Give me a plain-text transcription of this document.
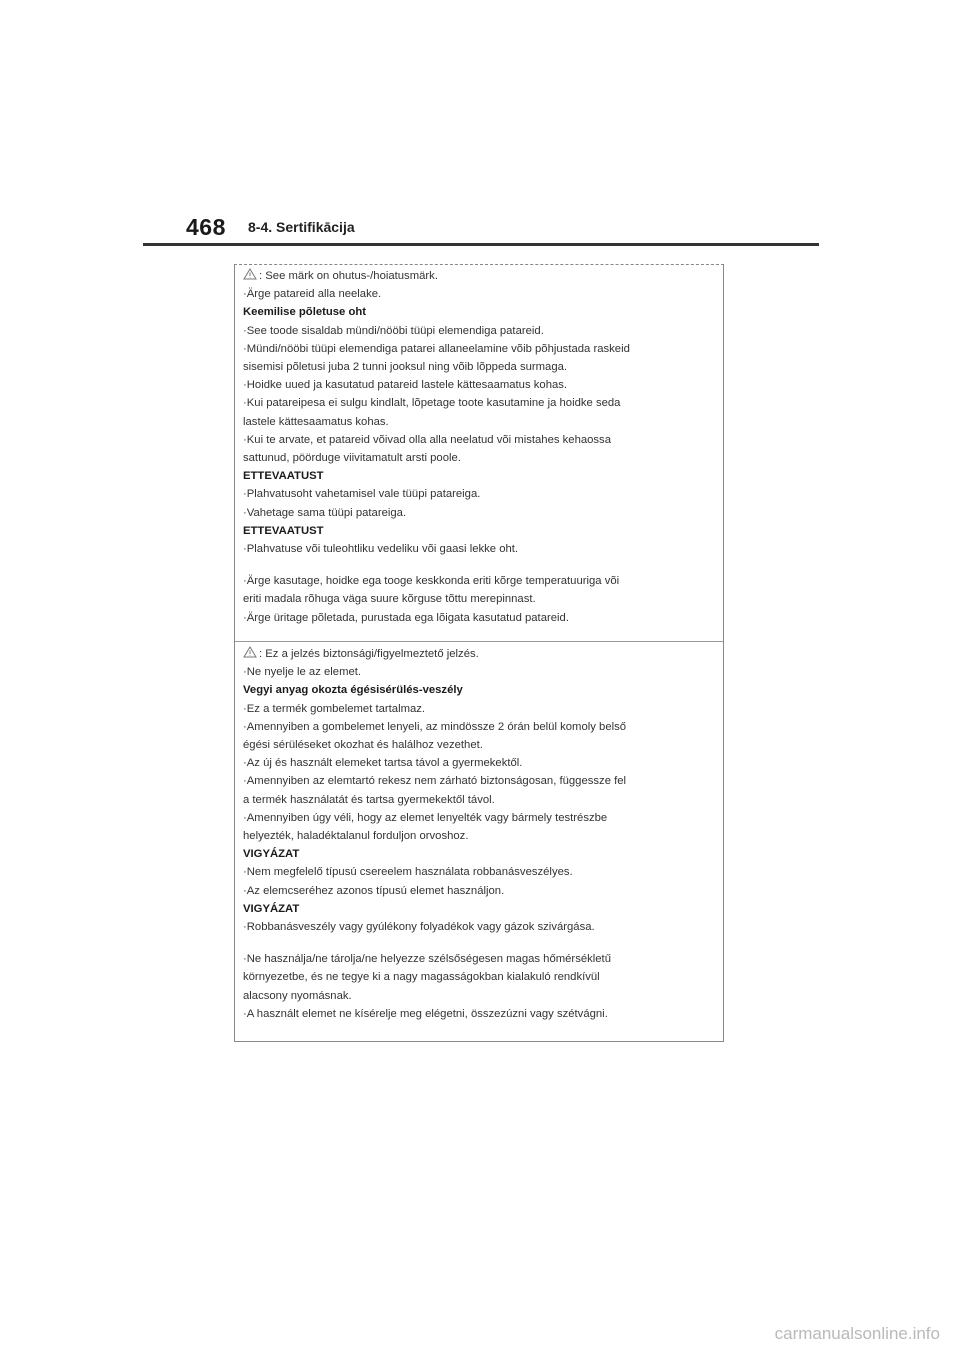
468 8-4. Sertifikācija
: See märk on ohutus-/hoiatusmärk.
·Ärge patareid alla neelake.
Keemilise põletuse oht
·See toode sisaldab mündi/nööbi tüüpi elemendiga patareid.
·Mündi/nööbi tüüpi elemendiga patarei allaneelamine võib põhjustada raskeid
sisemisi põletusi juba 2 tunni jooksul ning võib lõppeda surmaga.
·Hoidke uued ja kasutatud patareid lastele kättesaamatus kohas.
·Kui patareipesa ei sulgu kindlalt, lõpetage toote kasutamine ja hoidke seda
lastele kättesaamatus kohas.
·Kui te arvate, et patareid võivad olla alla neelatud või mistahes kehaossa
sattunud, pöörduge viivitamatult arsti poole.
ETTEVAATUST
·Plahvatusoht vahetamisel vale tüüpi patareiga.
·Vahetage sama tüüpi patareiga.
ETTEVAATUST
·Plahvatuse või tuleohtliku vedeliku või gaasi lekke oht.
·Ärge kasutage, hoidke ega tooge keskkonda eriti kõrge temperatuuriga või
eriti madala rõhuga väga suure kõrguse tõttu merepinnast.
·Ärge üritage põletada, purustada ega lõigata kasutatud patareid.
: Ez a jelzés biztonsági/figyelmeztető jelzés.
·Ne nyelje le az elemet.
Vegyi anyag okozta égésisérülés-veszély
·Ez a termék gombelemet tartalmaz.
·Amennyiben a gombelemet lenyeli, az mindössze 2 órán belül komoly belső
égési sérüléseket okozhat és halálhoz vezethet.
·Az új és használt elemeket tartsa távol a gyermekektől.
·Amennyiben az elemtartó rekesz nem zárható biztonságosan, függessze fel
a termék használatát és tartsa gyermekektől távol.
·Amennyiben úgy véli, hogy az elemet lenyelték vagy bármely testrészbe
helyezték, haladéktalanul forduljon orvoshoz.
VIGYÁZAT
·Nem megfelelő típusú csereelem használata robbanásveszélyes.
·Az elemcseréhez azonos típusú elemet használjon.
VIGYÁZAT
·Robbanásveszély vagy gyúlékony folyadékok vagy gázok szivárgása.
·Ne használja/ne tárolja/ne helyezze szélsőségesen magas hőmérsékletű
környezetbe, és ne tegye ki a nagy magasságokban kialakuló rendkívül
alacsony nyomásnak.
·A használt elemet ne kísérelje meg elégetni, összezúzni vagy szétvágni.
carmanualsonline.info
